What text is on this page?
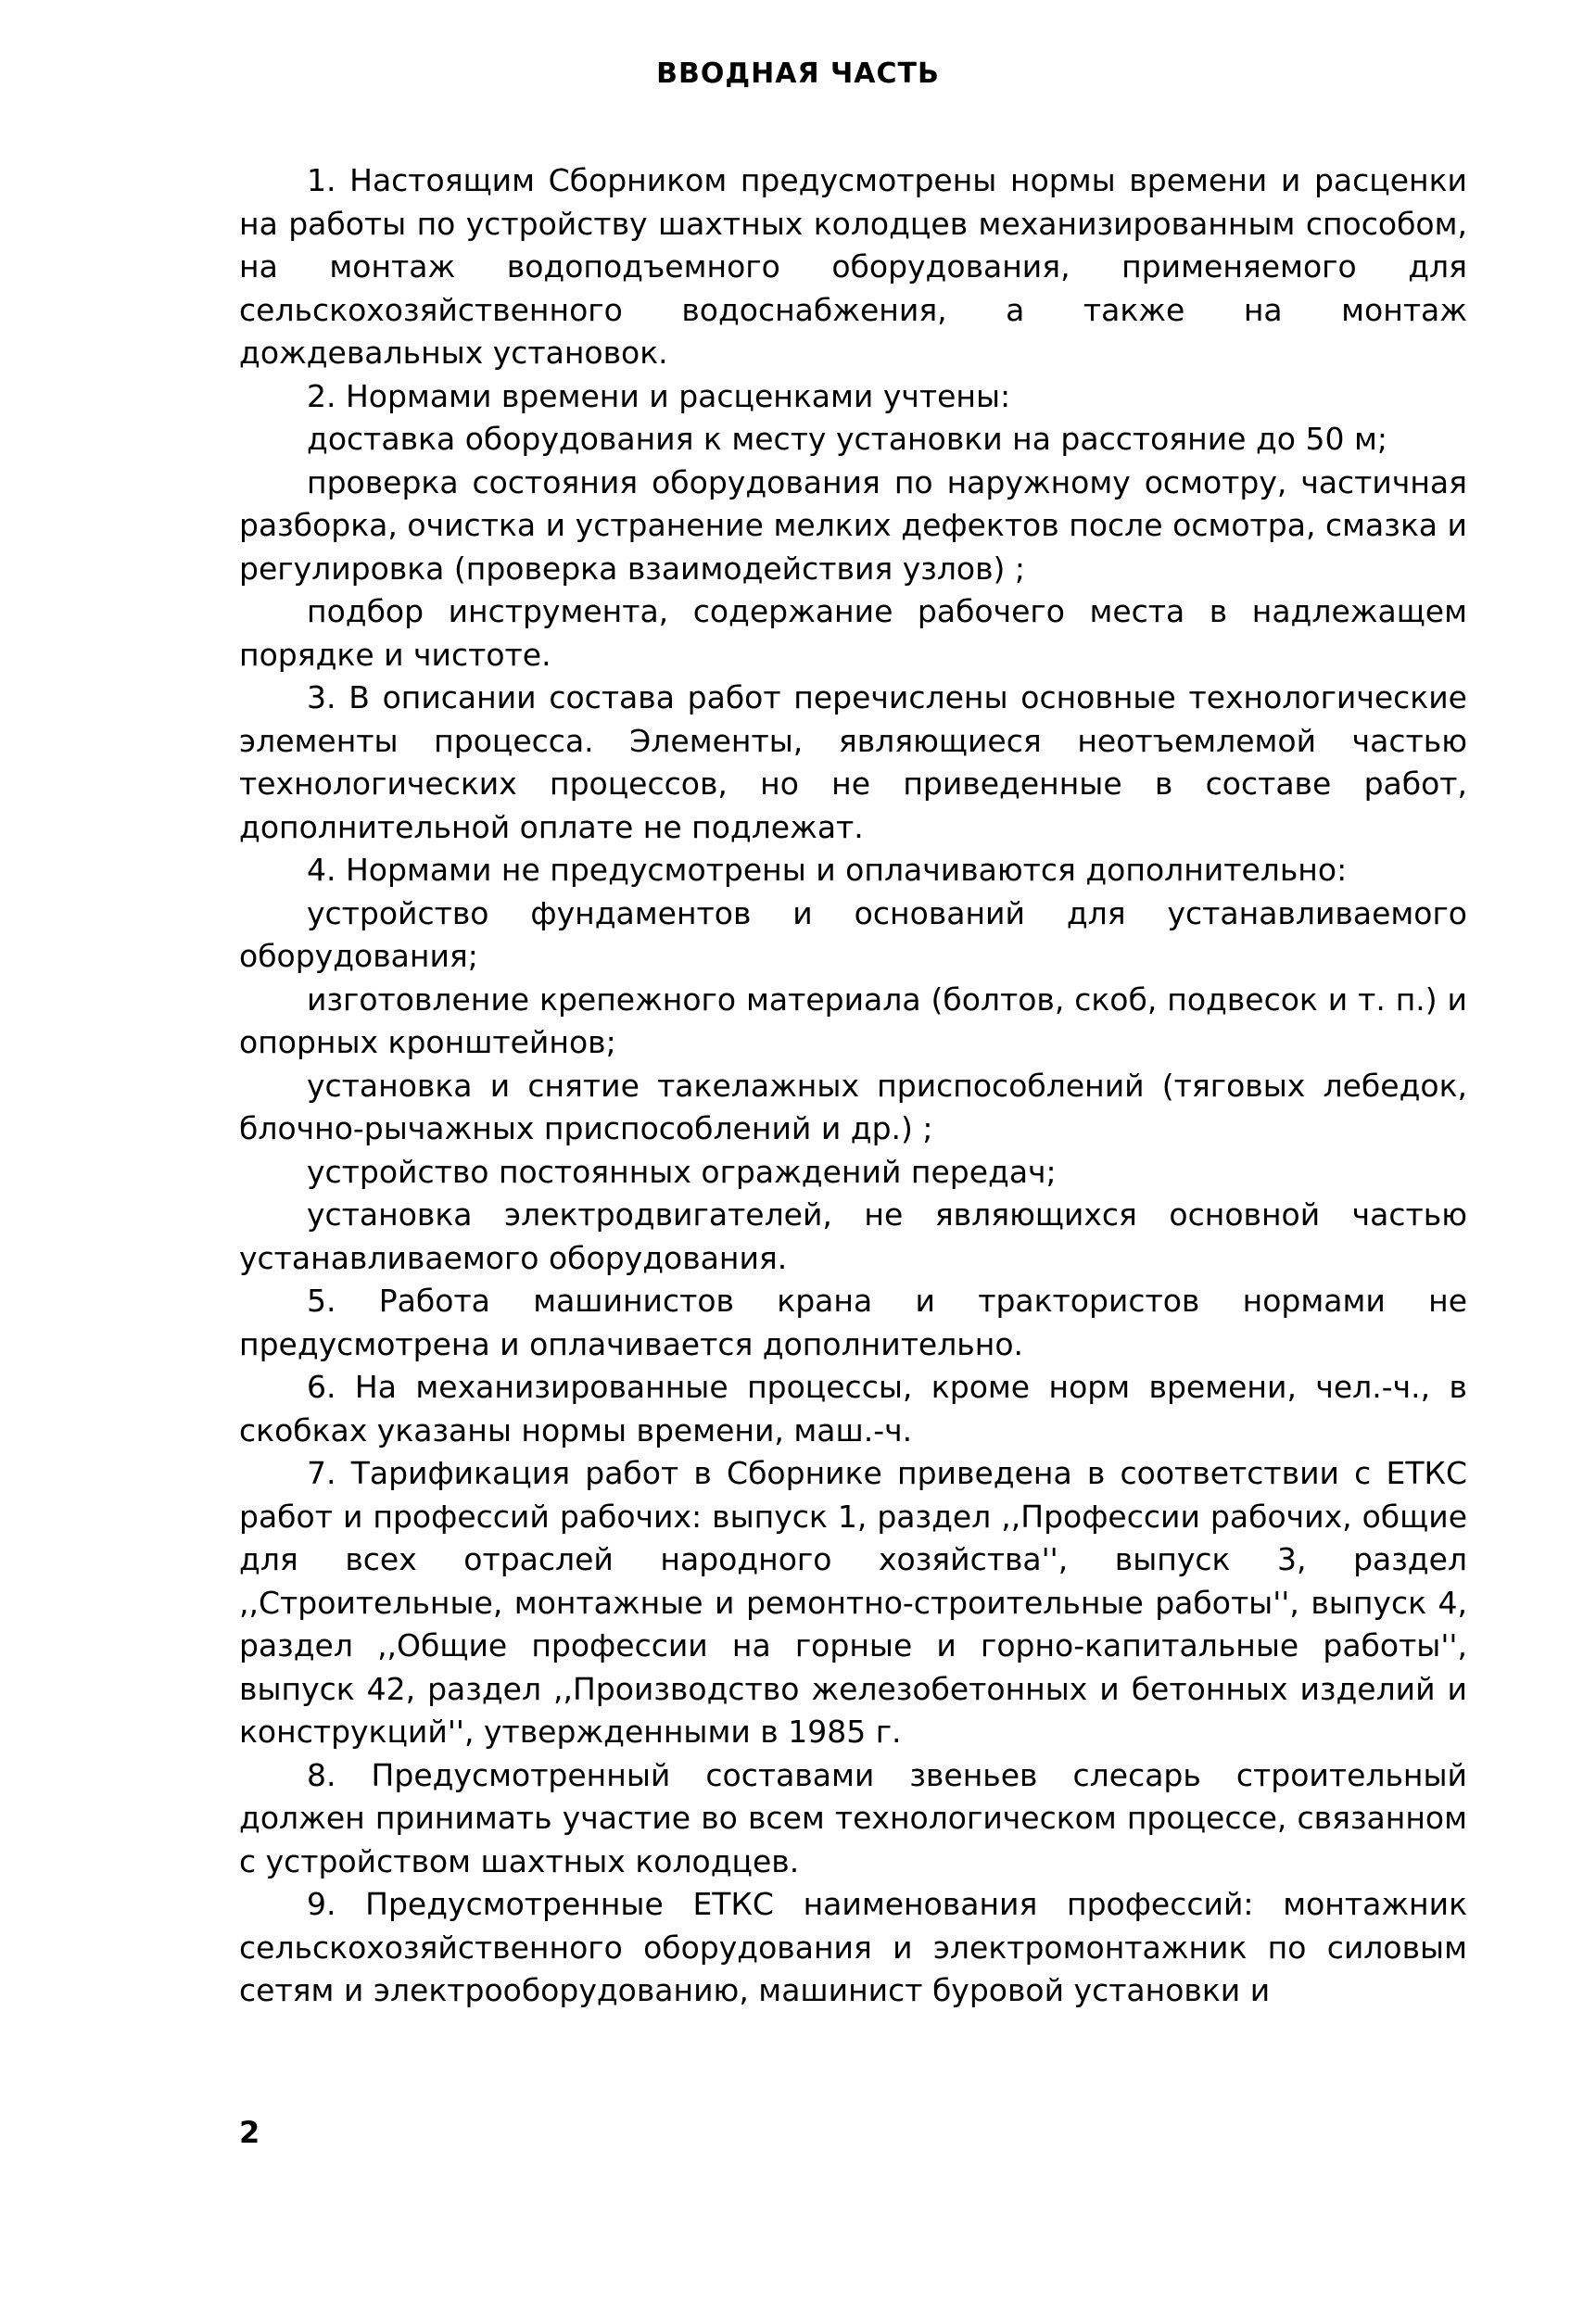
ВВОДНАЯ ЧАСТЬ

1. Настоящим Сборником предусмотрены нормы времени и расценки на работы по устройству шахтных колодцев механизированным способом, на монтаж водоподъемного оборудования, применяемого для сельскохозяйственного водоснабжения, а также на монтаж дождевальных установок.

2. Нормами времени и расценками учтены:

доставка оборудования к месту установки на расстояние до 50 м;

проверка состояния оборудования по наружному осмотру, частичная разборка, очистка и устранение мелких дефектов после осмотра, смазка и регулировка (проверка взаимодействия узлов) ;

подбор инструмента, содержание рабочего места в надлежащем порядке и чистоте.

3. В описании состава работ перечислены основные технологические элементы процесса. Элементы, являющиеся неотъемлемой частью технологических процессов, но не приведенные в составе работ, дополнительной оплате не подлежат.

4. Нормами не предусмотрены и оплачиваются дополнительно:

устройство фундаментов и оснований для устанавливаемого оборудования;

изготовление крепежного материала (болтов, скоб, подвесок и т. п.) и опорных кронштейнов;

установка и снятие такелажных приспособлений (тяговых лебедок, блочно-рычажных приспособлений и др.) ;

устройство постоянных ограждений передач;

установка электродвигателей, не являющихся основной частью устанавливаемого оборудования.

5. Работа машинистов крана и трактористов нормами не предусмотрена и оплачивается дополнительно.

6. На механизированные процессы, кроме норм времени, чел.-ч., в скобках указаны нормы времени, маш.-ч.

7. Тарификация работ в Сборнике приведена в соответствии с ЕТКС работ и профессий рабочих: выпуск 1, раздел ,,Профессии рабочих, общие для всех отраслей народного хозяйства'', выпуск 3, раздел ,,Строительные, монтажные и ремонтно-строительные работы'', выпуск 4, раздел ,,Общие профессии на горные и горно-капитальные работы'', выпуск 42, раздел ,,Производство железобетонных и бетонных изделий и конструкций'', утвержденными в 1985 г.

8. Предусмотренный составами звеньев слесарь строительный должен принимать участие во всем технологическом процессе, связанном с устройством шахтных колодцев.

9. Предусмотренные ЕТКС наименования профессий: монтажник сельскохозяйственного оборудования и электромонтажник по силовым сетям и электрооборудованию, машинист буровой установки и

2
